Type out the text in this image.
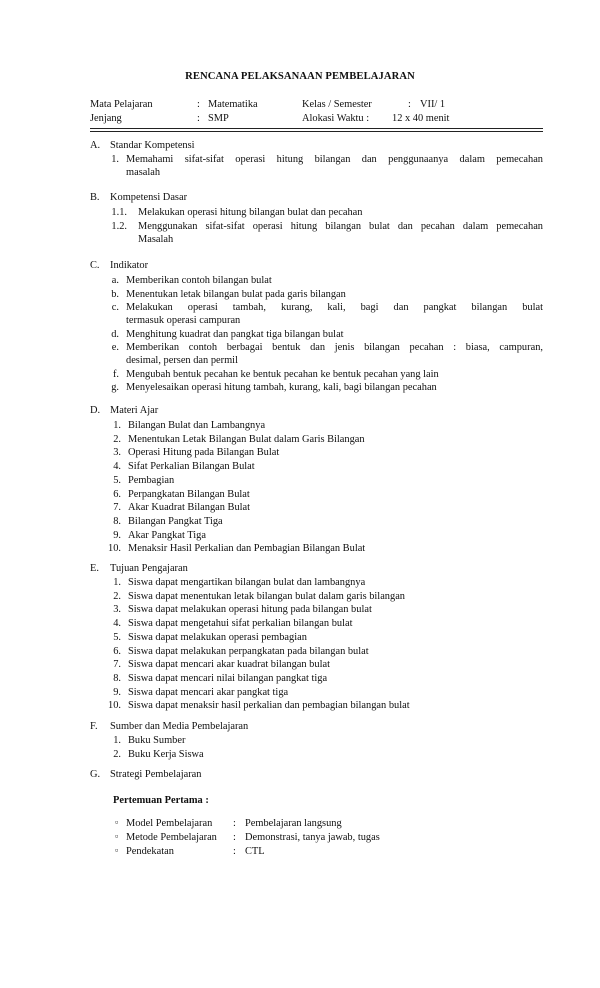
RENCANA PELAKSANAAN PEMBELAJARAN
Mata Pelajaran	: Matematika	Kelas / Semester	: VII/ 1
Jenjang	: SMP	Alokasi Waktu : 12 x 40 menit
A. Standar Kompetensi
1. Memahami sifat-sifat operasi hitung bilangan dan penggunaanya dalam pemecahan
masalah
B. Kompetensi Dasar
1.1. Melakukan operasi hitung bilangan bulat dan pecahan
1.2. Menggunakan sifat-sifat operasi hitung bilangan bulat dan pecahan dalam pemecahan
Masalah
C. Indikator
a. Memberikan contoh bilangan bulat
b. Menentukan letak bilangan bulat pada garis bilangan
c. Melakukan operasi tambah, kurang, kali, bagi dan pangkat bilangan bulat
termasuk operasi campuran
d. Menghitung kuadrat dan pangkat tiga bilangan bulat
e. Memberikan contoh berbagai bentuk dan jenis bilangan pecahan : biasa, campuran,
desimal, persen dan permil
f. Mengubah bentuk pecahan ke bentuk pecahan ke bentuk pecahan yang lain
g. Menyelesaikan operasi hitung tambah, kurang, kali, bagi bilangan pecahan
D. Materi Ajar
1. Bilangan Bulat dan Lambangnya
2. Menentukan Letak Bilangan Bulat dalam Garis Bilangan
3. Operasi Hitung pada Bilangan Bulat
4. Sifat Perkalian Bilangan Bulat
5. Pembagian
6. Perpangkatan Bilangan Bulat
7. Akar Kuadrat Bilangan Bulat
8. Bilangan Pangkat Tiga
9. Akar Pangkat Tiga
10. Menaksir Hasil Perkalian dan Pembagian Bilangan Bulat
E. Tujuan Pengajaran
1. Siswa dapat mengartikan bilangan bulat dan lambangnya
2. Siswa dapat menentukan letak bilangan bulat dalam garis bilangan
3. Siswa dapat melakukan operasi hitung pada bilangan bulat
4. Siswa dapat mengetahui sifat perkalian bilangan bulat
5. Siswa dapat melakukan operasi pembagian
6. Siswa dapat melakukan perpangkatan pada bilangan bulat
7. Siswa dapat mencari akar kuadrat bilangan bulat
8. Siswa dapat mencari nilai bilangan pangkat tiga
9. Siswa dapat mencari akar pangkat tiga
10. Siswa dapat menaksir hasil perkalian dan pembagian bilangan bulat
F. Sumber dan Media Pembelajaran
1. Buku Sumber
2. Buku Kerja Siswa
G. Strategi Pembelajaran
Pertemuan Pertama :
▫ Model Pembelajaran : Pembelajaran langsung
▫ Metode Pembelajaran : Demonstrasi, tanya jawab, tugas
▫ Pendekatan	: CTL
